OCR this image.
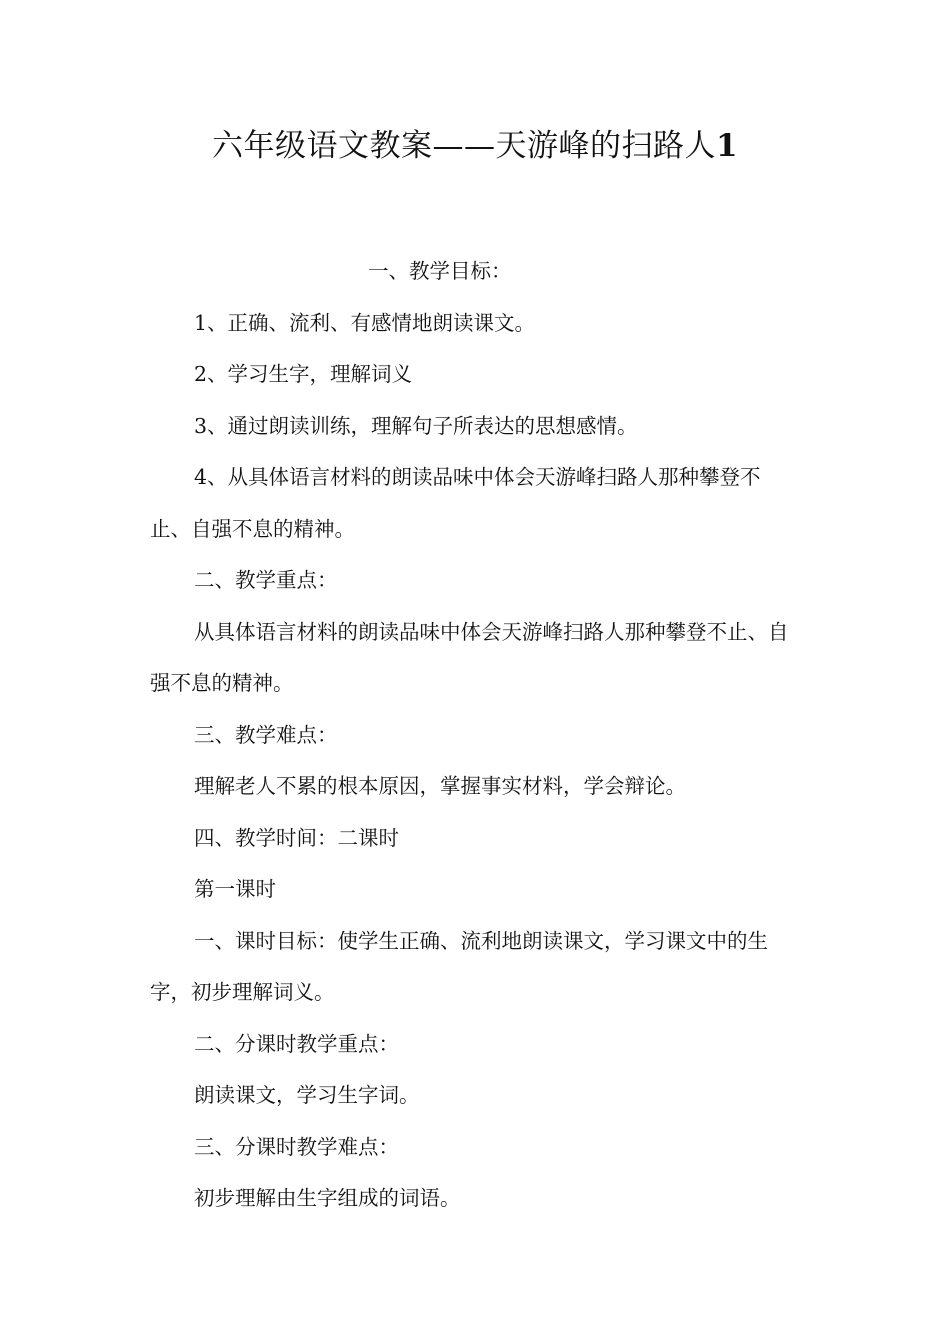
六年级语文教案——天游峰的扫路人1

一、教学目标：

1、正确、流利、有感情地朗读课文。

2、学习生字，理解词义

3、通过朗读训练，理解句子所表达的思想感情。

4、从具体语言材料的朗读品味中体会天游峰扫路人那种攀登不止、自强不息的精神。

二、教学重点：

从具体语言材料的朗读品味中体会天游峰扫路人那种攀登不止、自强不息的精神。

三、教学难点：

理解老人不累的根本原因，掌握事实材料，学会辩论。

四、教学时间：二课时

第一课时

一、课时目标：使学生正确、流利地朗读课文，学习课文中的生字，初步理解词义。

二、分课时教学重点：

朗读课文，学习生字词。

三、分课时教学难点：

初步理解由生字组成的词语。
